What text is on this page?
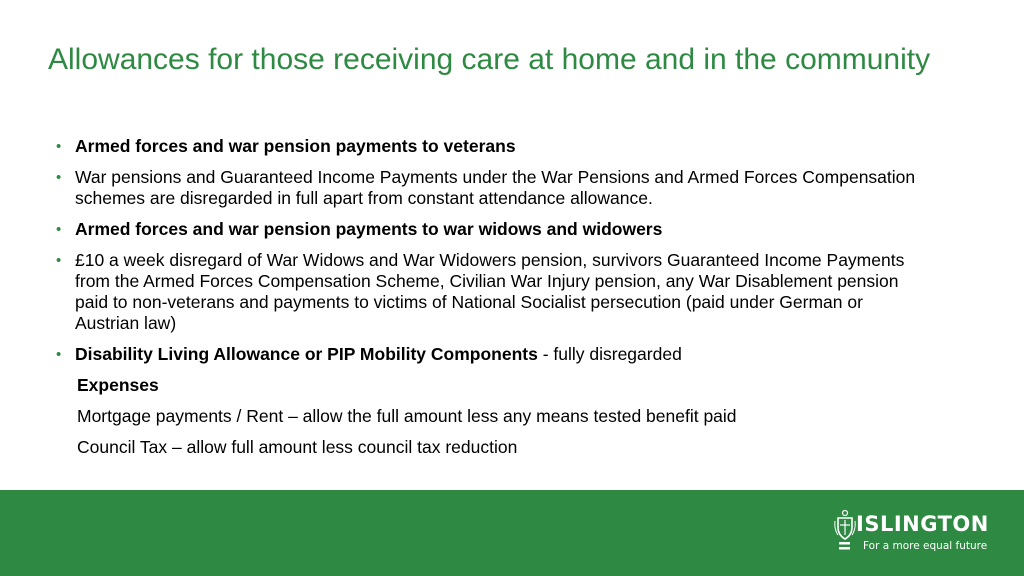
Allowances for those receiving care at home and in the community
• Armed forces and war pension payments to veterans
• War pensions and Guaranteed Income Payments under the War Pensions and Armed Forces Compensation schemes are disregarded in full apart from constant attendance allowance.
• Armed forces and war pension payments to war widows and widowers
• £10 a week disregard of War Widows and War Widowers pension, survivors Guaranteed Income Payments from the Armed Forces Compensation Scheme, Civilian War Injury pension, any War Disablement pension paid to non-veterans and payments to victims of National Socialist persecution (paid under German or Austrian law)
• Disability Living Allowance or PIP Mobility Components - fully disregarded
Expenses
Mortgage payments / Rent – allow the full amount less any means tested benefit paid
Council Tax – allow full amount less council tax reduction
ISLINGTON
For a more equal future
